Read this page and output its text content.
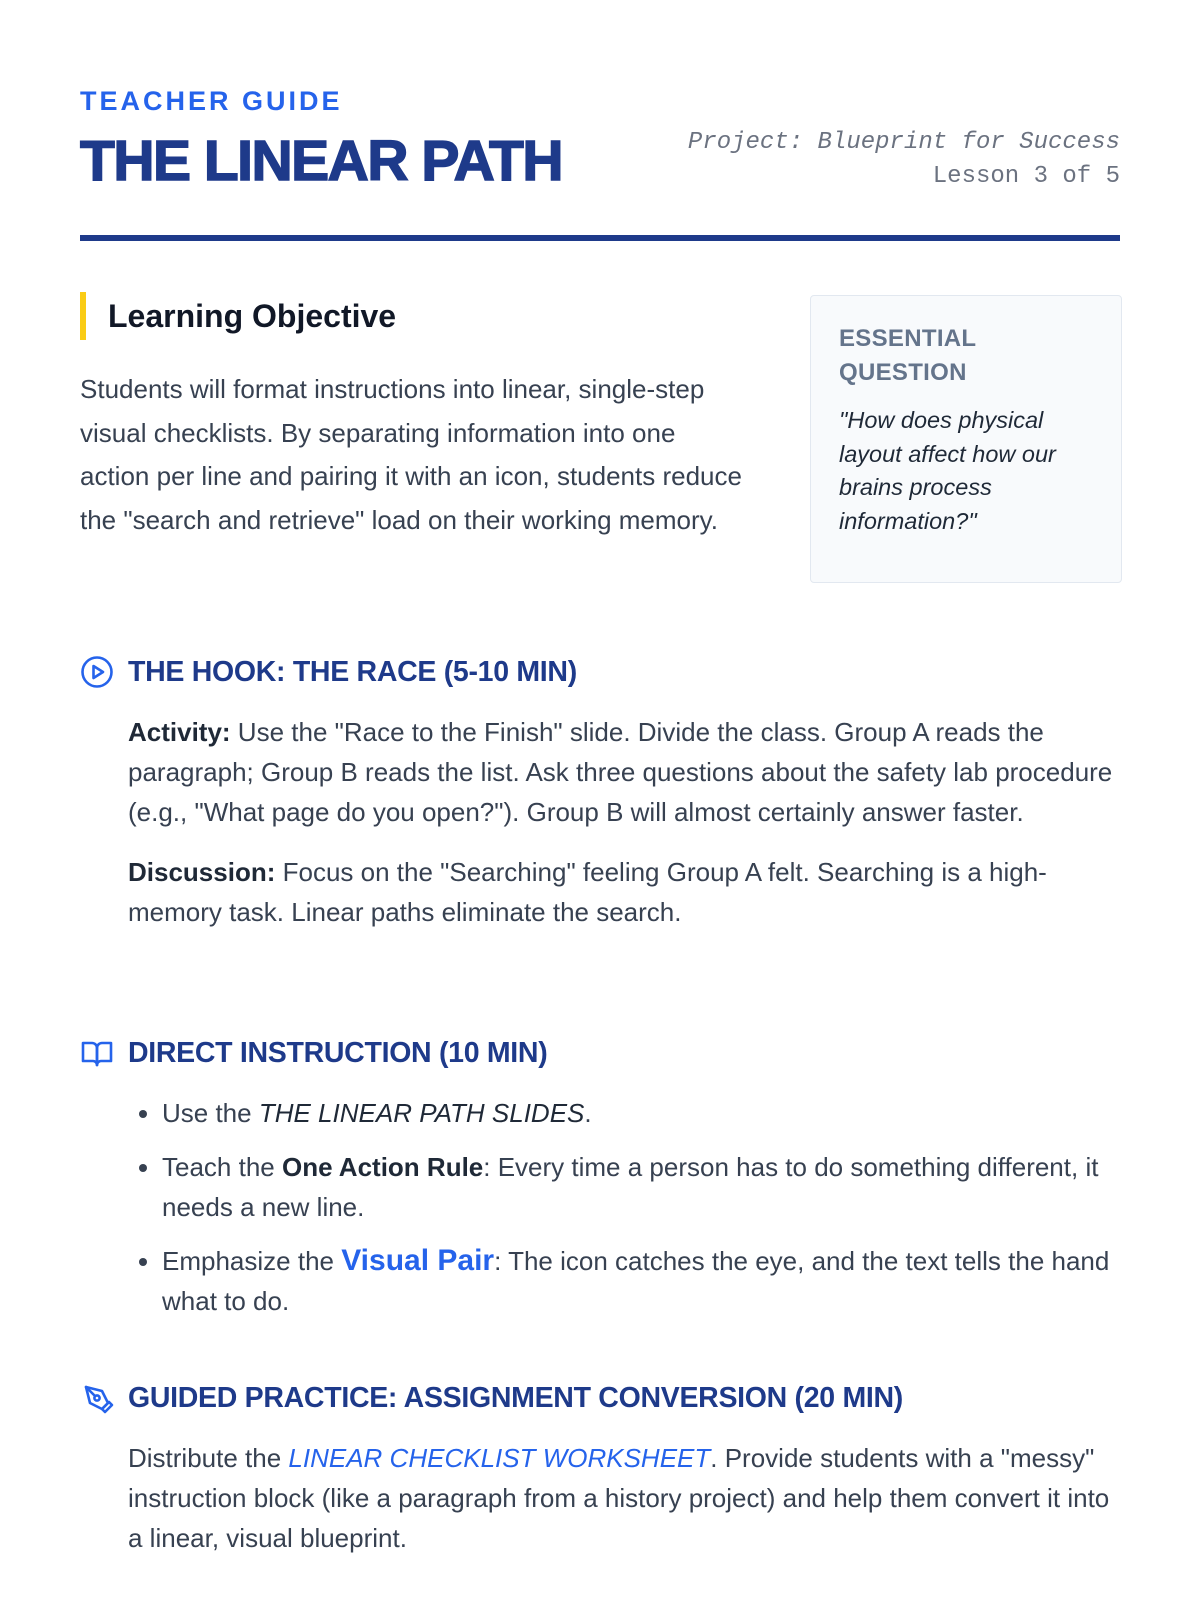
TEACHER GUIDE
THE LINEAR PATH	Project: Blueprint for Success
Lesson 3 of 5
Learning Objective
Students will format instructions into linear, single-step visual checklists. By separating information into one action per line and pairing it with an icon, students reduce the "search and retrieve" load on their working memory.
ESSENTIAL QUESTION
"How does physical layout affect how our brains process information?"
THE HOOK: THE RACE (5-10 MIN)

Activity: Use the "Race to the Finish" slide. Divide the class. Group A reads the paragraph; Group B reads the list. Ask three questions about the safety lab procedure (e.g., "What page do you open?"). Group B will almost certainly answer faster.

Discussion: Focus on the "Searching" feeling Group A felt. Searching is a high-memory task. Linear paths eliminate the search.

DIRECT INSTRUCTION (10 MIN)
• Use the THE LINEAR PATH SLIDES.
• Teach the One Action Rule: Every time a person has to do something different, it needs a new line.
• Emphasize the Visual Pair: The icon catches the eye, and the text tells the hand what to do.
GUIDED PRACTICE: ASSIGNMENT CONVERSION (20 MIN)

Distribute the LINEAR CHECKLIST WORKSHEET. Provide students with a "messy" instruction block (like a paragraph from a history project) and help them convert it into a linear, visual blueprint.
